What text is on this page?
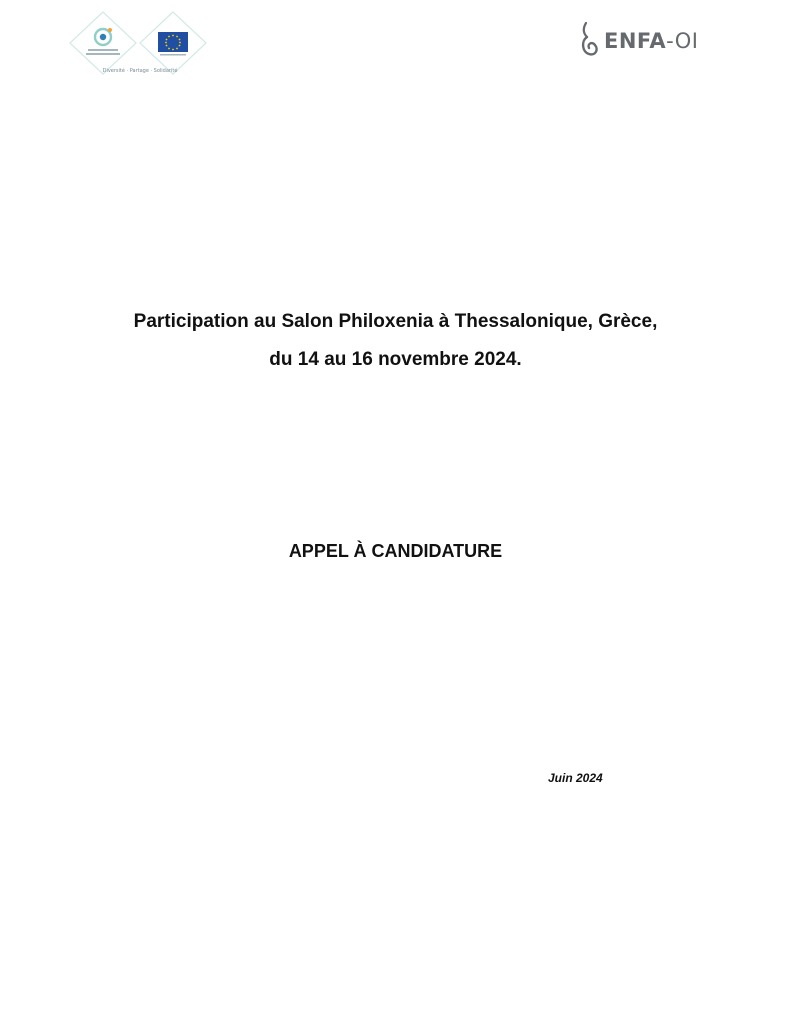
Diversité · Partage · Solidarité
ENFA-OI
Participation au Salon Philoxenia à Thessalonique, Grèce,
du 14 au 16 novembre 2024.
APPEL À CANDIDATURE
Juin 2024
